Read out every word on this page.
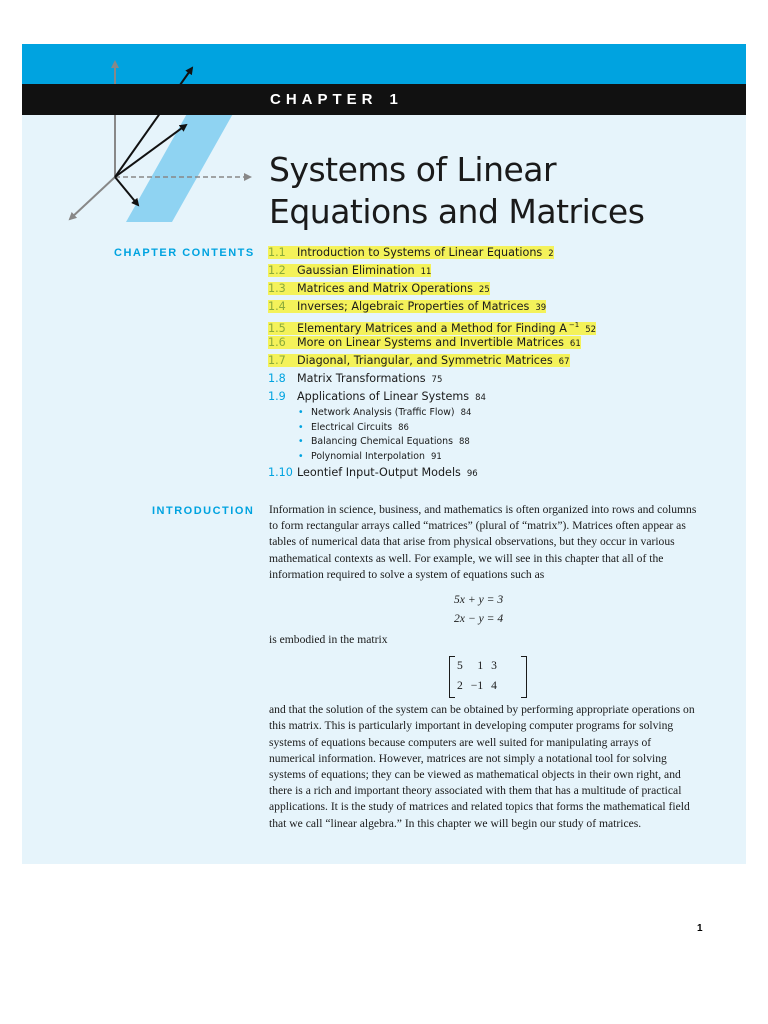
CHAPTER 1
Systems of Linear
Equations and Matrices
CHAPTER CONTENTS 1.1 Introduction to Systems of Linear Equations 2
1.2 Gaussian Elimination 11
1.3 Matrices and Matrix Operations 25
1.4 Inverses; Algebraic Properties of Matrices 39
1.5 Elementary Matrices and a Method for Finding A $^{-1}$ 52
1.6 More on Linear Systems and Invertible Matrices 61
1.7 Diagonal, Triangular, and Symmetric Matrices 67
1.8 Matrix Transformations 75
1.9 Applications of Linear Systems 84
• Network Analysis (Traffic Flow) 84
• Electrical Circuits 86
• Balancing Chemical Equations 88
• Polynomial Interpolation 91
1.10 Leontief Input-Output Models 96
INTRODUCTION Information in science, business, and mathematics is often organized into rows and columns to form rectangular arrays called “matrices” (plural of “matrix”). Matrices often appear as tables of numerical data that arise from physical observations, but they occur in various mathematical contexts as well. For example, we will see in this chapter that all of the information required to solve a system of equations such as

5x + y = 3
2x − y = 4

is embodied in the matrix

5	1	3
2	−1	4

and that the solution of the system can be obtained by performing appropriate operations on this matrix. This is particularly important in developing computer programs for solving systems of equations because computers are well suited for manipulating arrays of numerical information. However, matrices are not simply a notational tool for solving systems of equations; they can be viewed as mathematical objects in their own right, and there is a rich and important theory associated with them that has a multitude of practical applications. It is the study of matrices and related topics that forms the mathematical field that we call “linear algebra.” In this chapter we will begin our study of matrices.

1
